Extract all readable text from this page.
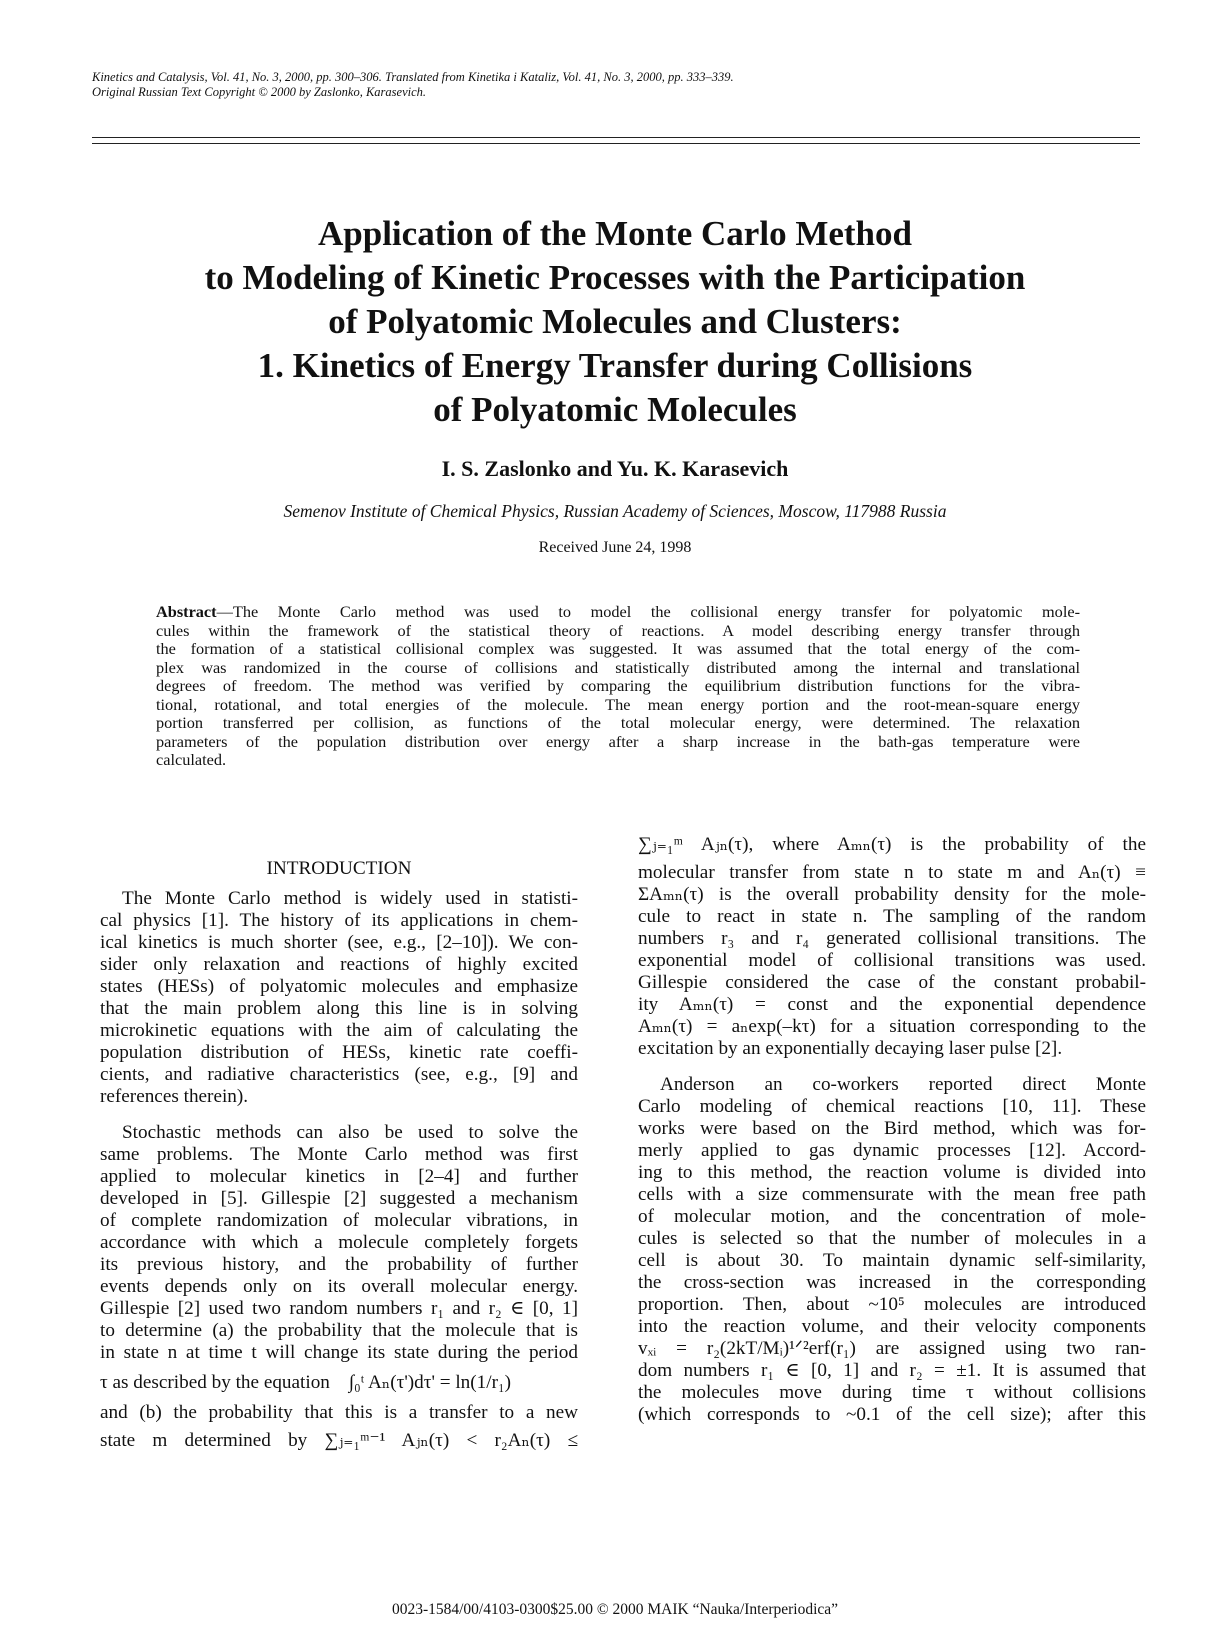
Kinetics and Catalysis, Vol. 41, No. 3, 2000, pp. 300–306. Translated from Kinetika i Kataliz, Vol. 41, No. 3, 2000, pp. 333–339.
Original Russian Text Copyright © 2000 by Zaslonko, Karasevich.
Application of the Monte Carlo Method
to Modeling of Kinetic Processes with the Participation
of Polyatomic Molecules and Clusters:
1. Kinetics of Energy Transfer during Collisions
of Polyatomic Molecules
I. S. Zaslonko and Yu. K. Karasevich
Semenov Institute of Chemical Physics, Russian Academy of Sciences, Moscow, 117988 Russia
Received June 24, 1998
Abstract—The Monte Carlo method was used to model the collisional energy transfer for polyatomic mole-
cules within the framework of the statistical theory of reactions. A model describing energy transfer through
the formation of a statistical collisional complex was suggested. It was assumed that the total energy of the com-
plex was randomized in the course of collisions and statistically distributed among the internal and translational
degrees of freedom. The method was verified by comparing the equilibrium distribution functions for the vibra-
tional, rotational, and total energies of the molecule. The mean energy portion and the root-mean-square energy
portion transferred per collision, as functions of the total molecular energy, were determined. The relaxation
parameters of the population distribution over energy after a sharp increase in the bath-gas temperature were
calculated.
INTRODUCTION
The Monte Carlo method is widely used in statisti-
cal physics [1]. The history of its applications in chem-
ical kinetics is much shorter (see, e.g., [2–10]). We con-
sider only relaxation and reactions of highly excited
states (HESs) of polyatomic molecules and emphasize
that the main problem along this line is in solving
microkinetic equations with the aim of calculating the
population distribution of HESs, kinetic rate coeffi-
cients, and radiative characteristics (see, e.g., [9] and
references therein).
Stochastic methods can also be used to solve the
same problems. The Monte Carlo method was first
applied to molecular kinetics in [2–4] and further
developed in [5]. Gillespie [2] suggested a mechanism
of complete randomization of molecular vibrations, in
accordance with which a molecule completely forgets
its previous history, and the probability of further
events depends only on its overall molecular energy.
Gillespie [2] used two random numbers r₁ and r₂ ∈ [0, 1]
to determine (a) the probability that the molecule that is
in state n at time t will change its state during the period
τ as described by the equation ∫₀ᵗ Aₙ(τ')dτ' = ln(1/r₁)
and (b) the probability that this is a transfer to a new
state m determined by ∑ⱼ₌₁ᵐ⁻¹ Aⱼₙ(τ) < r₂Aₙ(τ) ≤
∑ⱼ₌₁ᵐ Aⱼₙ(τ), where Aₘₙ(τ) is the probability of the
molecular transfer from state n to state m and Aₙ(τ) ≡
ΣAₘₙ(τ) is the overall probability density for the mole-
cule to react in state n. The sampling of the random
numbers r₃ and r₄ generated collisional transitions. The
exponential model of collisional transitions was used.
Gillespie considered the case of the constant probabil-
ity Aₘₙ(τ) = const and the exponential dependence
Aₘₙ(τ) = aₙexp(–kτ) for a situation corresponding to the
excitation by an exponentially decaying laser pulse [2].
Anderson an co-workers reported direct Monte
Carlo modeling of chemical reactions [10, 11]. These
works were based on the Bird method, which was for-
merly applied to gas dynamic processes [12]. Accord-
ing to this method, the reaction volume is divided into
cells with a size commensurate with the mean free path
of molecular motion, and the concentration of mole-
cules is selected so that the number of molecules in a
cell is about 30. To maintain dynamic self-similarity,
the cross-section was increased in the corresponding
proportion. Then, about ~10⁵ molecules are introduced
into the reaction volume, and their velocity components
vₓᵢ = r₂(2kT/Mᵢ)¹ᐟ²erf(r₁) are assigned using two ran-
dom numbers r₁ ∈ [0, 1] and r₂ = ±1. It is assumed that
the molecules move during time τ without collisions
(which corresponds to ~0.1 of the cell size); after this
0023-1584/00/4103-0300$25.00 © 2000 MAIK “Nauka/Interperiodica”
